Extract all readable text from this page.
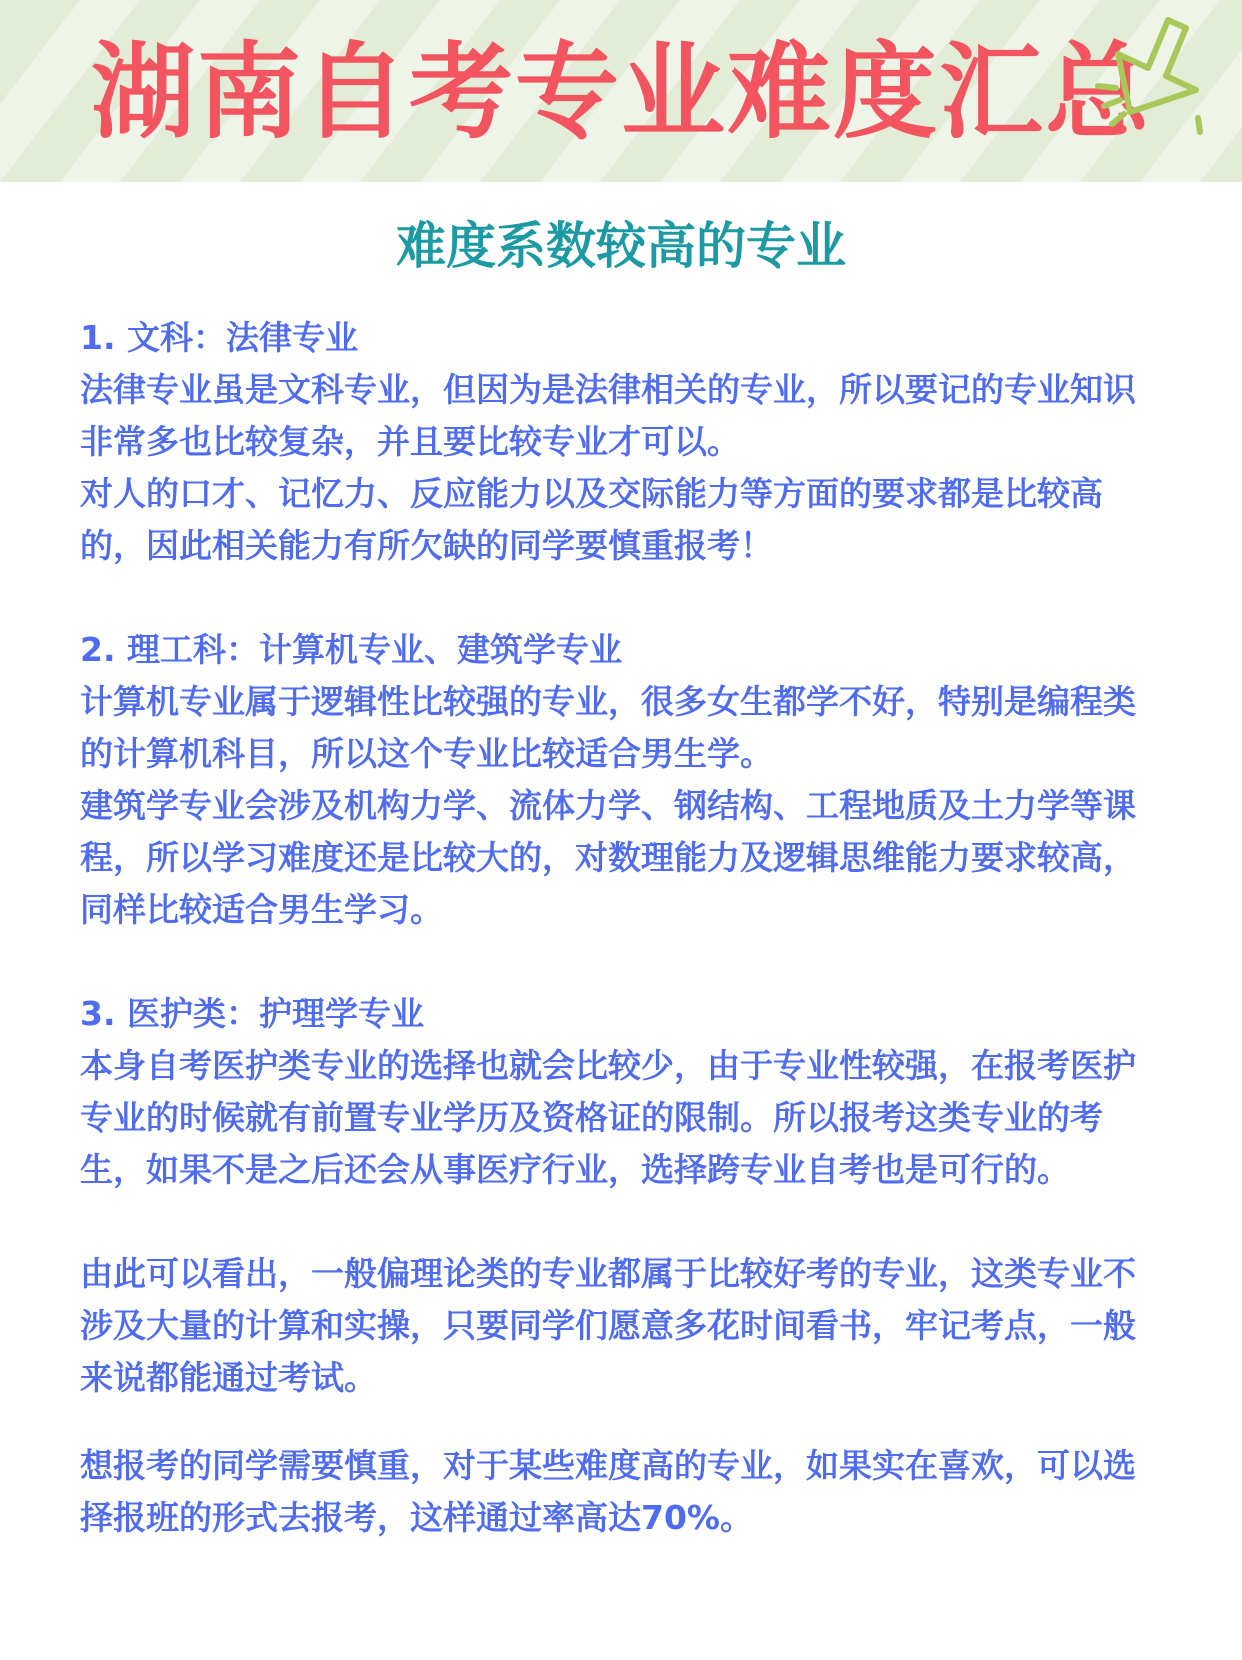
湖南自考专业难度汇总
难度系数较高的专业

1. 文科：法律专业

法律专业虽是文科专业，但因为是法律相关的专业，所以要记的专业知识非常多也比较复杂，并且要比较专业才可以。

对人的口才、记忆力、反应能力以及交际能力等方面的要求都是比较高的，因此相关能力有所欠缺的同学要慎重报考！

2. 理工科：计算机专业、建筑学专业

计算机专业属于逻辑性比较强的专业，很多女生都学不好，特别是编程类的计算机科目，所以这个专业比较适合男生学。

建筑学专业会涉及机构力学、流体力学、钢结构、工程地质及土力学等课程，所以学习难度还是比较大的，对数理能力及逻辑思维能力要求较高，同样比较适合男生学习。

3. 医护类：护理学专业

本身自考医护类专业的选择也就会比较少，由于专业性较强，在报考医护专业的时候就有前置专业学历及资格证的限制。所以报考这类专业的考生，如果不是之后还会从事医疗行业，选择跨专业自考也是可行的。

由此可以看出，一般偏理论类的专业都属于比较好考的专业，这类专业不涉及大量的计算和实操，只要同学们愿意多花时间看书，牢记考点，一般来说都能通过考试。

想报考的同学需要慎重，对于某些难度高的专业，如果实在喜欢，可以选择报班的形式去报考，这样通过率高达70%。
